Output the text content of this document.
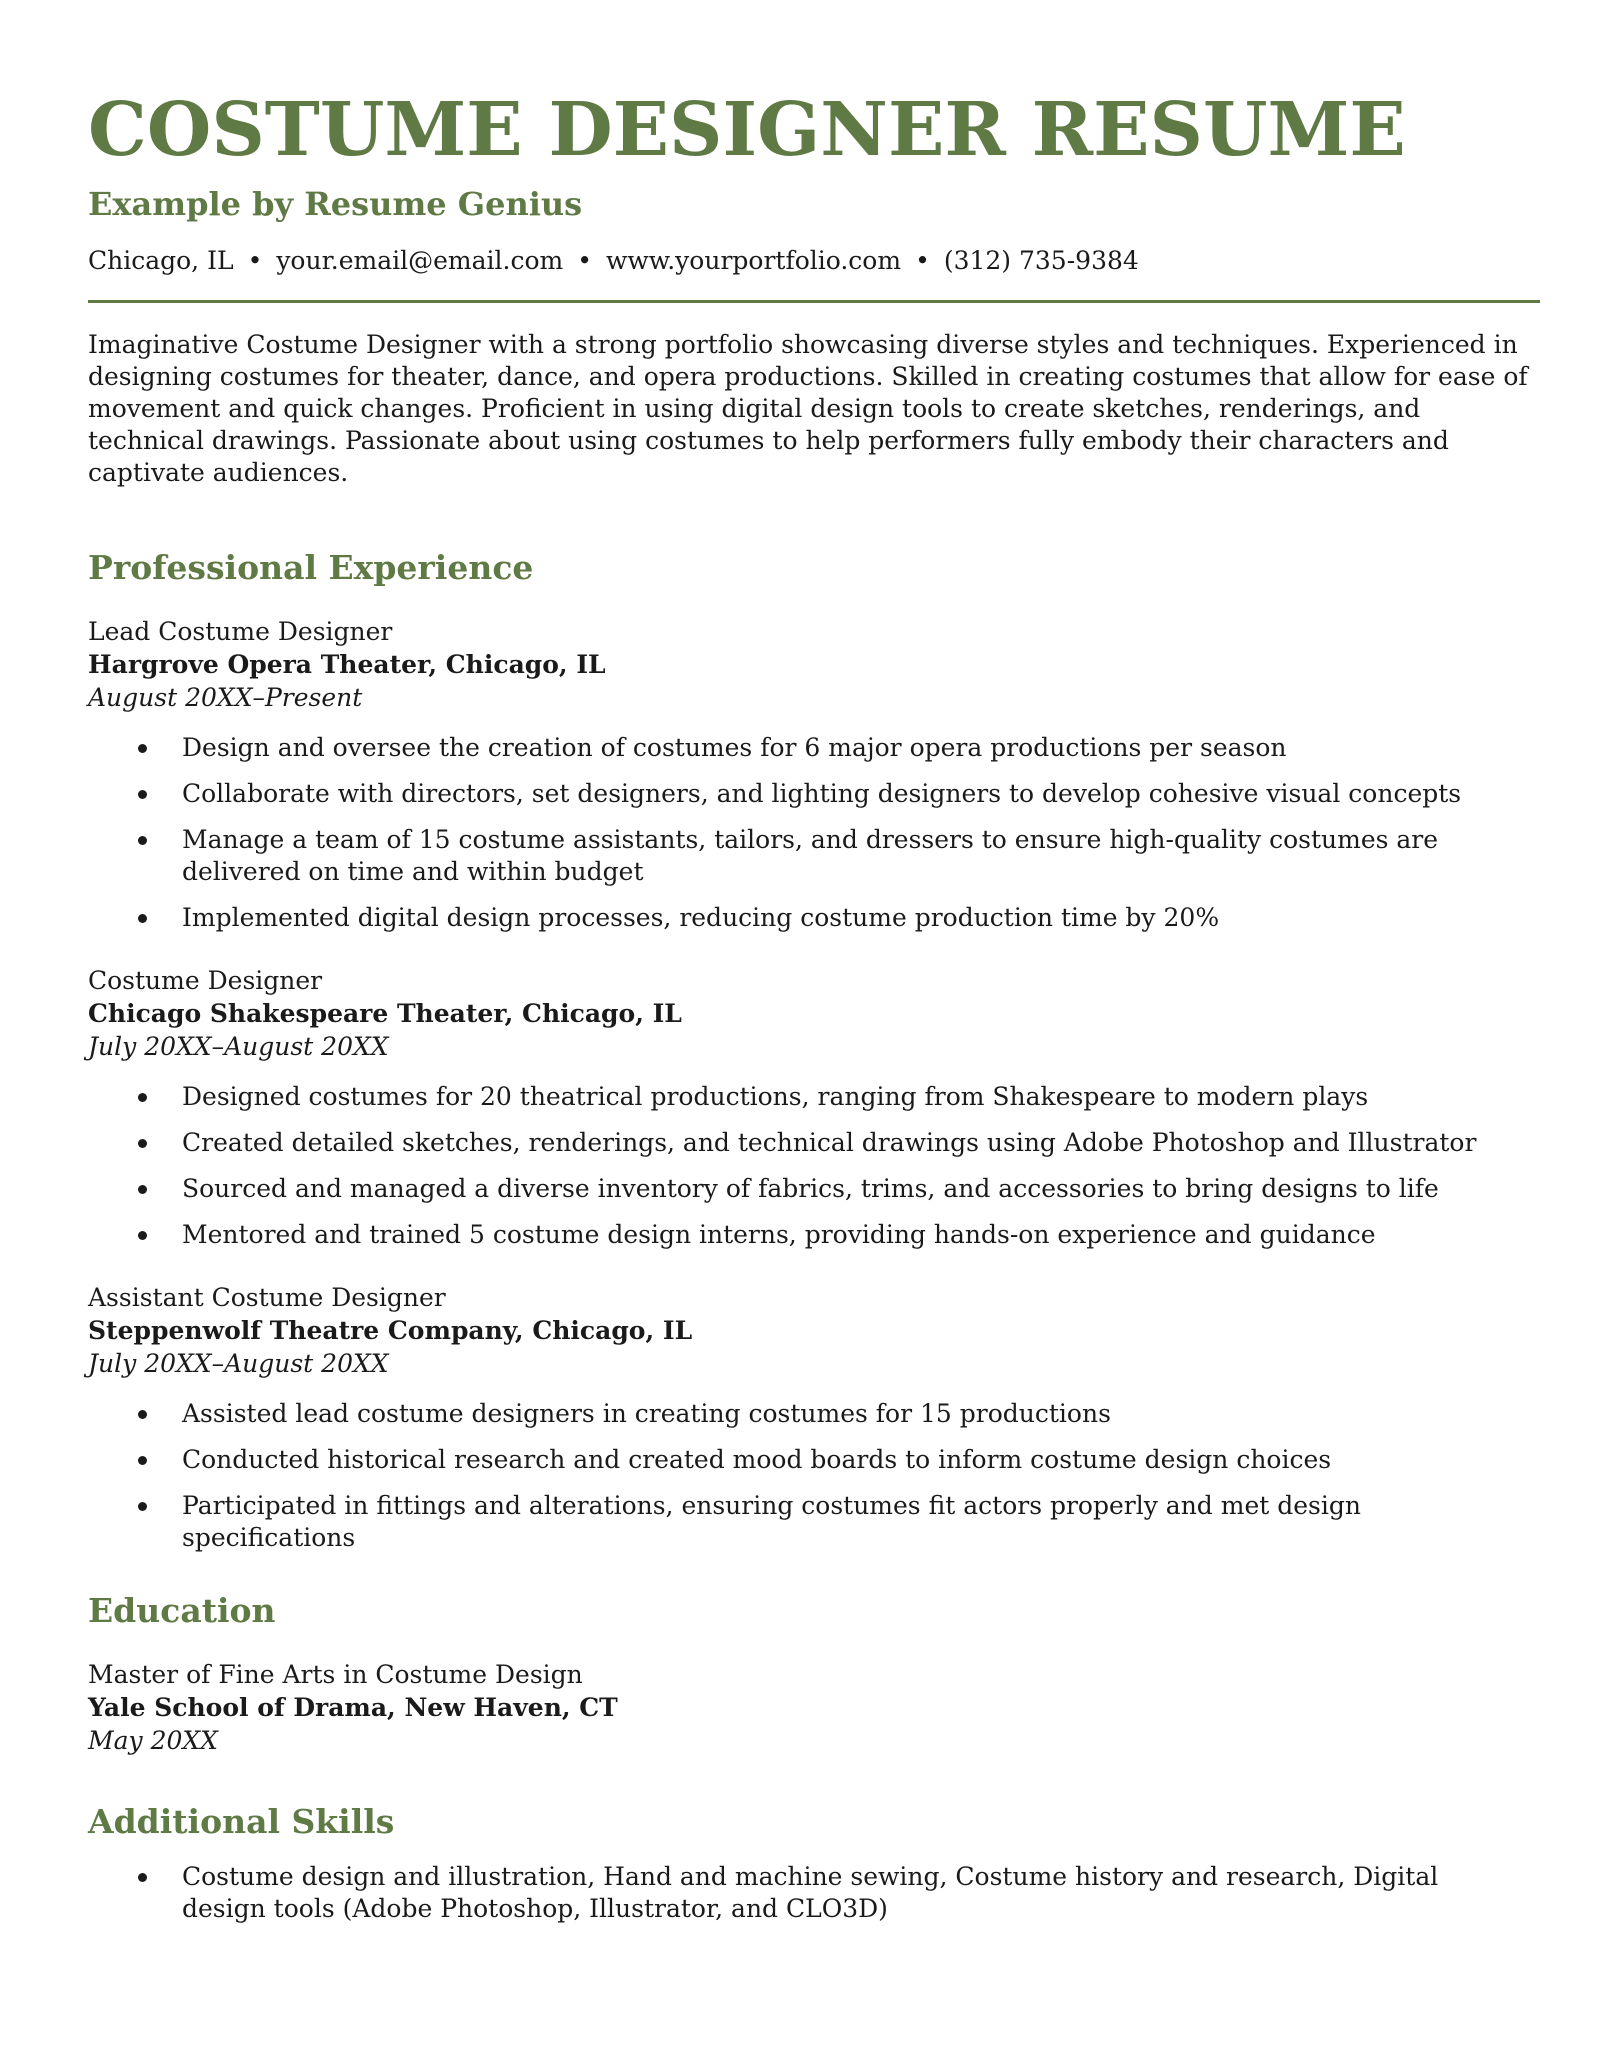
COSTUME DESIGNER RESUME
Example by Resume Genius
Chicago, IL • your.email@email.com • www.yourportfolio.com • (312) 735-9384

Imaginative Costume Designer with a strong portfolio showcasing diverse styles and techniques. Experienced in designing costumes for theater, dance, and opera productions. Skilled in creating costumes that allow for ease of movement and quick changes. Proficient in using digital design tools to create sketches, renderings, and technical drawings. Passionate about using costumes to help performers fully embody their characters and captivate audiences.

Professional Experience
Lead Costume Designer
Hargrove Opera Theater, Chicago, IL
August 20XX–Present
Design and oversee the creation of costumes for 6 major opera productions per season
Collaborate with directors, set designers, and lighting designers to develop cohesive visual concepts
Manage a team of 15 costume assistants, tailors, and dressers to ensure high-quality costumes are delivered on time and within budget
Implemented digital design processes, reducing costume production time by 20%
Costume Designer
Chicago Shakespeare Theater, Chicago, IL
July 20XX–August 20XX
Designed costumes for 20 theatrical productions, ranging from Shakespeare to modern plays
Created detailed sketches, renderings, and technical drawings using Adobe Photoshop and Illustrator
Sourced and managed a diverse inventory of fabrics, trims, and accessories to bring designs to life
Mentored and trained 5 costume design interns, providing hands-on experience and guidance
Assistant Costume Designer
Steppenwolf Theatre Company, Chicago, IL
July 20XX–August 20XX
Assisted lead costume designers in creating costumes for 15 productions
Conducted historical research and created mood boards to inform costume design choices
Participated in fittings and alterations, ensuring costumes fit actors properly and met design specifications
Education
Master of Fine Arts in Costume Design
Yale School of Drama, New Haven, CT
May 20XX
Additional Skills
Costume design and illustration, Hand and machine sewing, Costume history and research, Digital design tools (Adobe Photoshop, Illustrator, and CLO3D)
